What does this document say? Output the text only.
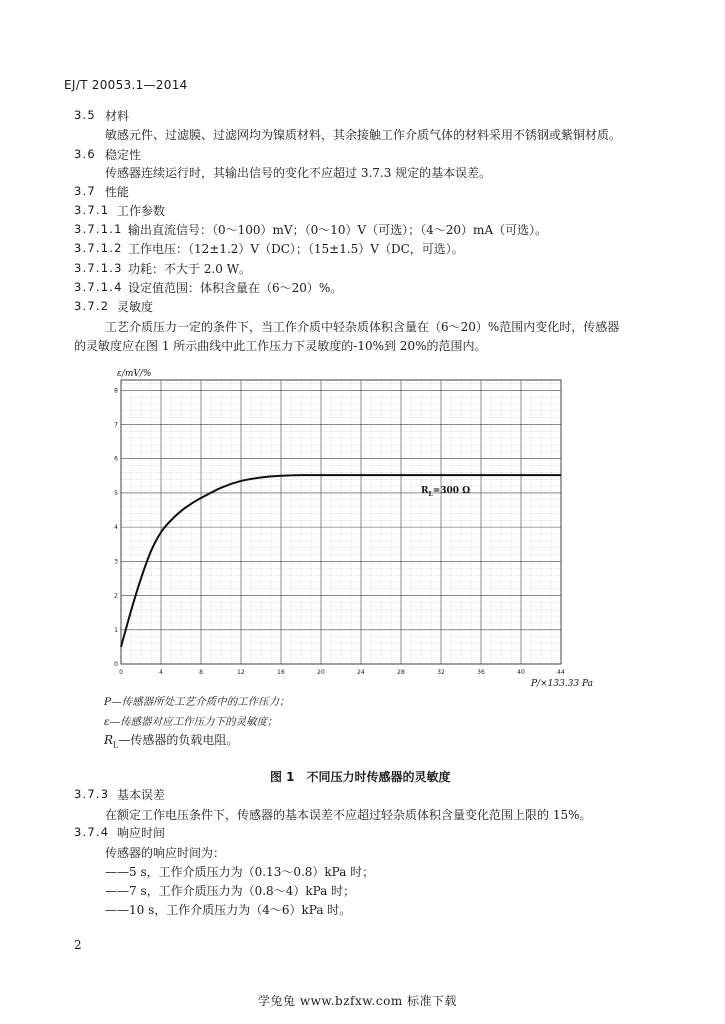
EJ/T 20053.1—2014
3.5 材料
敏感元件、过滤膜、过滤网均为镍质材料，其余接触工作介质气体的材料采用不锈钢或紫铜材质。
3.6 稳定性
传感器连续运行时，其输出信号的变化不应超过 3.7.3 规定的基本误差。
3.7 性能
3.7.1 工作参数
3.7.1.1 输出直流信号：（0～100）mV；（0～10）V（可选）；（4～20）mA（可选）。
3.7.1.2 工作电压：（12±1.2）V（DC）；（15±1.5）V（DC，可选）。
3.7.1.3 功耗：不大于 2.0 W。
3.7.1.4 设定值范围：体积含量在（6～20）%。
3.7.2 灵敏度
工艺介质压力一定的条件下，当工作介质中轻杂质体积含量在（6～20）%范围内变化时，传感器
的灵敏度应在图 1 所示曲线中此工作压力下灵敏度的-10%到 20%的范围内。
0	4	8	12	16	20	24	28	32	36	40	44
0
1
2
3
4
5
6
7
8
ε/mV/%
P/×133.33 Pa
$R_L=300$ Ω
P—传感器所处工艺介质中的工作压力；
ε—传感器对应工作压力下的灵敏度；
$R_L—$传感器的负载电阻。
图 1　不同压力时传感器的灵敏度
3.7.3 基本误差
在额定工作电压条件下，传感器的基本误差不应超过轻杂质体积含量变化范围上限的 15%。
3.7.4 响应时间
传感器的响应时间为：
——5 s，工作介质压力为（0.13～0.8）kPa 时；
——7 s，工作介质压力为（0.8～4）kPa 时；
——10 s，工作介质压力为（4～6）kPa 时。
2
学兔兔 www.bzfxw.com 标准下载
